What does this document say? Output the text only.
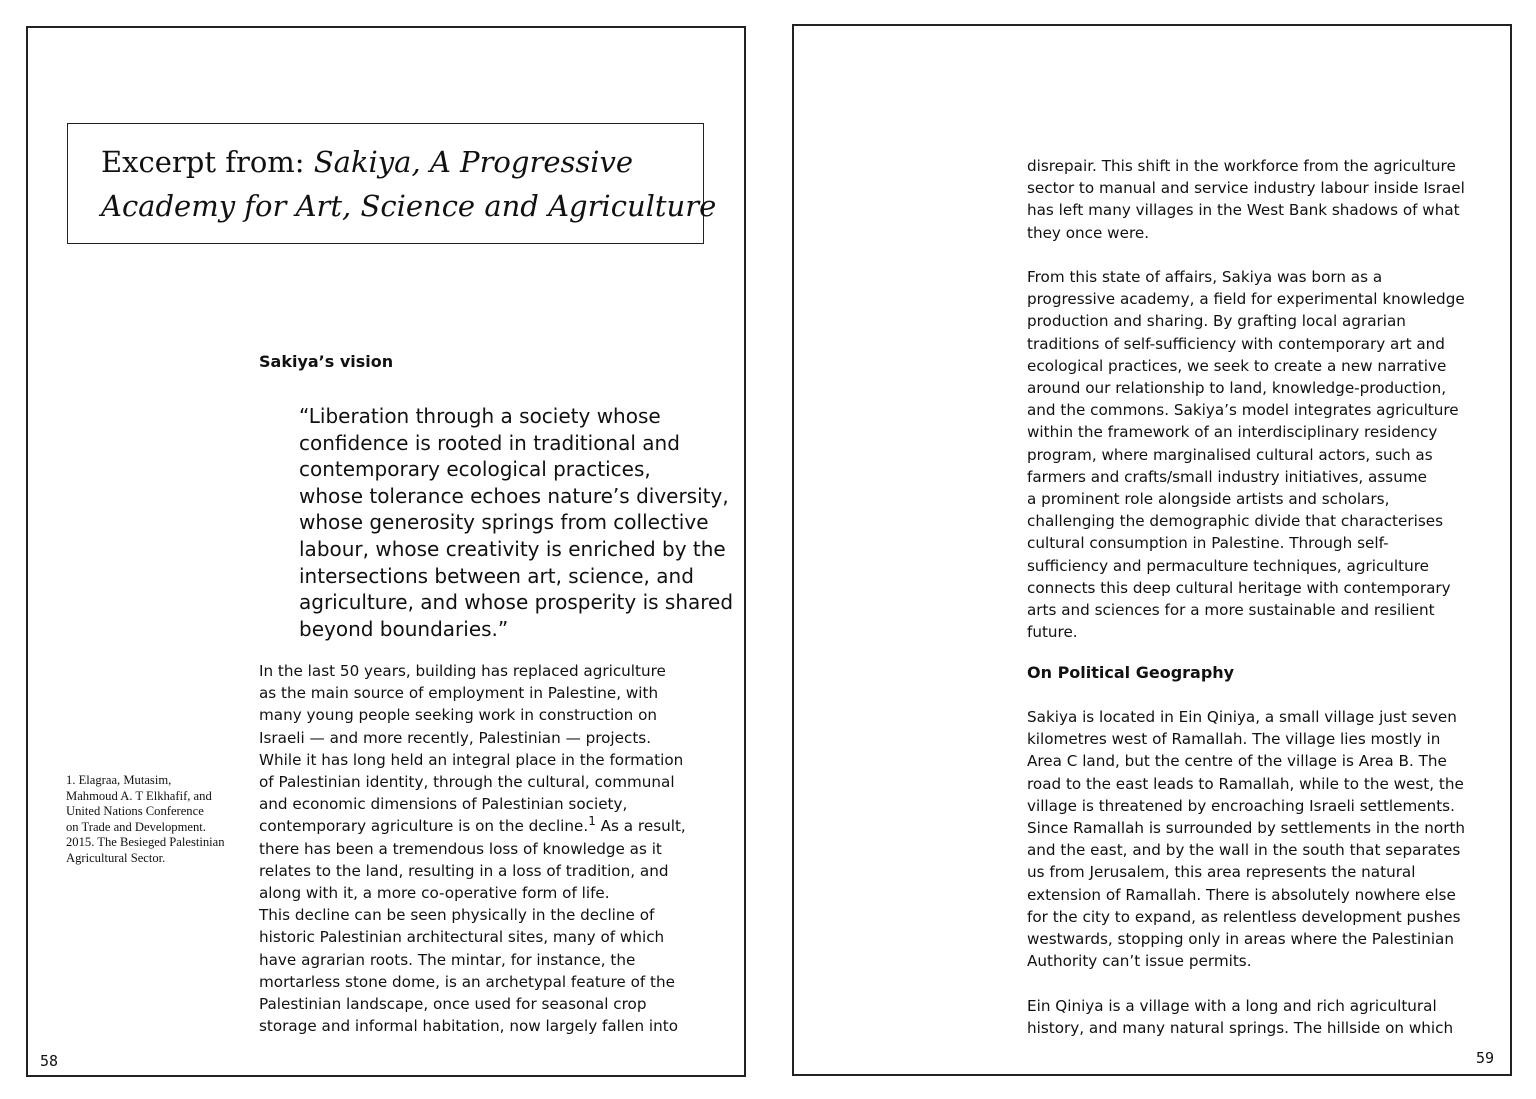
Excerpt from: Sakiya, A Progressive
Academy for Art, Science and Agriculture
Sakiya’s vision
“Liberation through a society whose
confidence is rooted in traditional and
contemporary ecological practices,
whose tolerance echoes nature’s diversity,
whose generosity springs from collective
labour, whose creativity is enriched by the
intersections between art, science, and
agriculture, and whose prosperity is shared
beyond boundaries.”
In the last 50 years, building has replaced agriculture
as the main source of employment in Palestine, with
many young people seeking work in construction on
Israeli — and more recently, Palestinian — projects.
While it has long held an integral place in the formation
of Palestinian identity, through the cultural, communal
and economic dimensions of Palestinian society,
contemporary agriculture is on the decline.$^1$ As a result,
there has been a tremendous loss of knowledge as it
relates to the land, resulting in a loss of tradition, and
along with it, a more co-operative form of life.
This decline can be seen physically in the decline of
historic Palestinian architectural sites, many of which
have agrarian roots. The mintar, for instance, the
mortarless stone dome, is an archetypal feature of the
Palestinian landscape, once used for seasonal crop
storage and informal habitation, now largely fallen into
1. Elagraa, Mutasim,
Mahmoud A. T Elkhafif, and
United Nations Conference
on Trade and Development.
2015. The Besieged Palestinian
Agricultural Sector.
58
disrepair. This shift in the workforce from the agriculture
sector to manual and service industry labour inside Israel
has left many villages in the West Bank shadows of what
they once were.
From this state of affairs, Sakiya was born as a
progressive academy, a field for experimental knowledge
production and sharing. By grafting local agrarian
traditions of self-sufficiency with contemporary art and
ecological practices, we seek to create a new narrative
around our relationship to land, knowledge-production,
and the commons. Sakiya’s model integrates agriculture
within the framework of an interdisciplinary residency
program, where marginalised cultural actors, such as
farmers and crafts/small industry initiatives, assume
a prominent role alongside artists and scholars,
challenging the demographic divide that characterises
cultural consumption in Palestine. Through self-
sufficiency and permaculture techniques, agriculture
connects this deep cultural heritage with contemporary
arts and sciences for a more sustainable and resilient
future.
On Political Geography
Sakiya is located in Ein Qiniya, a small village just seven
kilometres west of Ramallah. The village lies mostly in
Area C land, but the centre of the village is Area B. The
road to the east leads to Ramallah, while to the west, the
village is threatened by encroaching Israeli settlements.
Since Ramallah is surrounded by settlements in the north
and the east, and by the wall in the south that separates
us from Jerusalem, this area represents the natural
extension of Ramallah. There is absolutely nowhere else
for the city to expand, as relentless development pushes
westwards, stopping only in areas where the Palestinian
Authority can’t issue permits.
Ein Qiniya is a village with a long and rich agricultural
history, and many natural springs. The hillside on which
59
